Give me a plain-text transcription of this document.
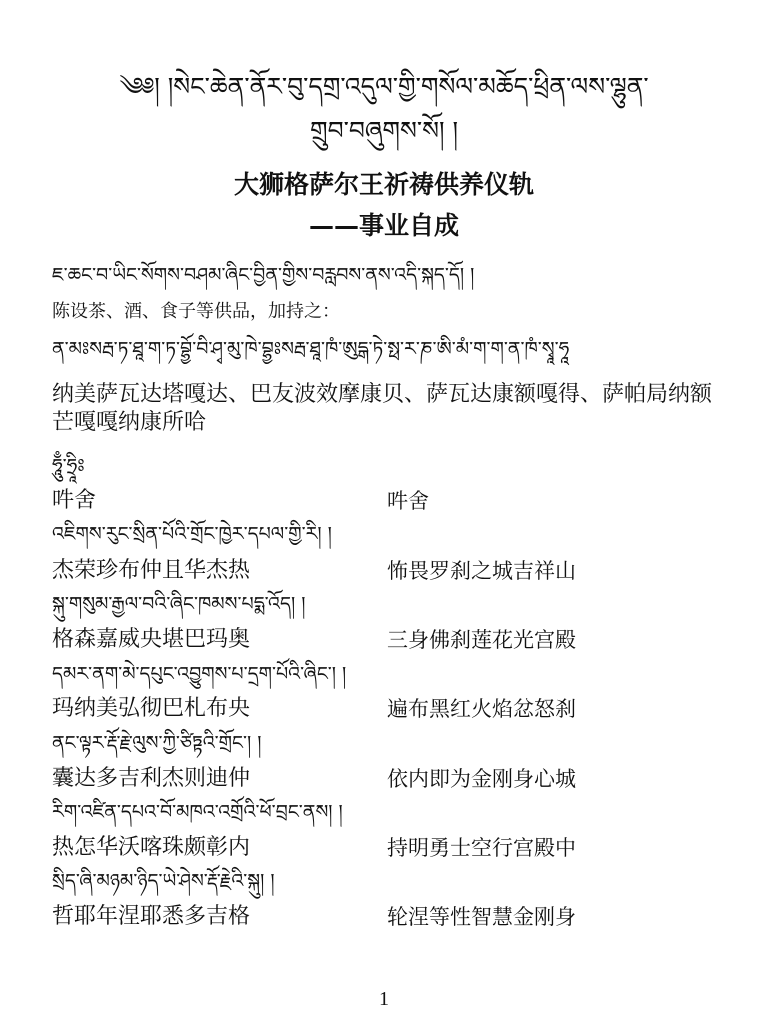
༄༅། །སེང་ཆེན་ནོར་བུ་དགྲ་འདུལ་གྱི་གསོལ་མཆོད་ཕྲིན་ལས་ལྷུན་
གྲུབ་བཞུགས་སོ། །
大狮格萨尔王祈祷供养仪轨
——事业自成
ཇ་ཆང་བ་ཡིང་སོགས་བཤམ་ཞིང་བྱིན་གྱིས་བརླབས་ནས་འདི་སྐད་དོ། །
陈设茶、酒、食子等供品，加持之：
ན་མཿསརྦ་ཏ་ཐཱ་ག་ཏ་བྷྱོ་བི་ཤྭ་མུ་ཁེ་བྷྱཿསརྦ་ཐཱ་ཁཾ་ཨུདྒ་ཏེ་སྥ་ར་ཎ་ཨི་མཾ་ག་ག་ན་ཁཾ་སྭཱ་ཧཱ
纳美萨瓦达塔嘎达、巴友波效摩康贝、萨瓦达康额嘎得、萨帕局纳额芒嘎嘎纳康所哈
ཧཱུྃ་ཧྲཱིཿ
吽舍	吽舍
འཇིགས་རུང་སྲིན་པོའི་གྲོང་ཁྱེར་དཔལ་གྱི་རི། །
杰荣珍布仲且华杰热	怖畏罗刹之城吉祥山
སྐུ་གསུམ་རྒྱལ་བའི་ཞིང་ཁམས་པདྨ་འོད། །
格森嘉威央堪巴玛奥	三身佛刹莲花光宫殿
དམར་ནག་མེ་དཔུང་འབྱུགས་པ་དྲག་པོའི་ཞིང་། །
玛纳美弘彻巴札布央	遍布黑红火焰忿怒刹
ནང་ལྟར་རྡོ་རྗེ་ལུས་ཀྱི་ཙིཏྟའི་གྲོང་། །
囊达多吉利杰则迪仲	依内即为金刚身心城
རིག་འཛིན་དཔའ་བོ་མཁའ་འགྲོའི་ཕོ་བྲང་ནས། །
热怎华沃喀珠颇彰内	持明勇士空行宫殿中
སྲིད་ཞི་མཉམ་ཉིད་ཡེ་ཤེས་རྡོ་རྗེའི་སྐུ། །
哲耶年涅耶悉多吉格	轮涅等性智慧金刚身
1
